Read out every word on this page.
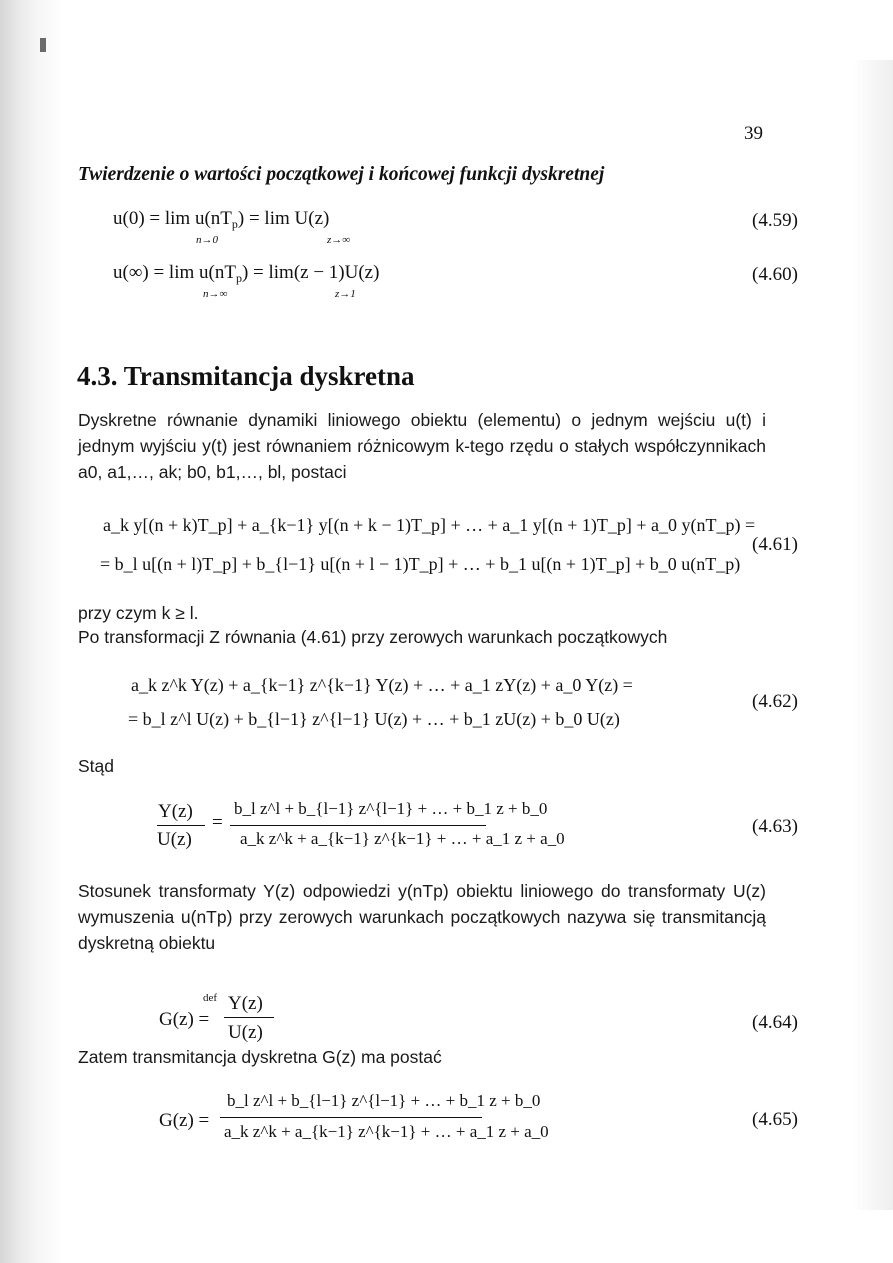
39
Twierdzenie o wartości początkowej i końcowej funkcji dyskretnej
$u(0) = \lim u(nT_p) = \lim U(z)$
n→0	z→∞
(4.59)
$u(\infty) = \lim u(nT_p) = \lim(z - 1)U(z)$
n→∞	z→1
(4.60)
4.3. Transmitancja dyskretna
Dyskretne równanie dynamiki liniowego obiektu (elementu) o jednym wejściu u(t) i jednym wyjściu y(t) jest równaniem różnicowym k-tego rzędu o stałych współczynnikach a0, a1,…, ak; b0, b1,…, bl, postaci
a_k y[(n + k)T_p] + a_{k−1} y[(n + k − 1)T_p] + … + a_1 y[(n + 1)T_p] + a_0 y(nT_p) =
= b_l u[(n + l)T_p] + b_{l−1} u[(n + l − 1)T_p] + … + b_1 u[(n + 1)T_p] + b_0 u(nT_p)
(4.61)
przy czym k ≥ l.
Po transformacji Z równania (4.61) przy zerowych warunkach początkowych
a_k z^k Y(z) + a_{k−1} z^{k−1} Y(z) + … + a_1 zY(z) + a_0 Y(z) =
= b_l z^l U(z) + b_{l−1} z^{l−1} U(z) + … + b_1 zU(z) + b_0 U(z)
(4.62)
Stąd
Y(z)
U(z)
=
b_l z^l + b_{l−1} z^{l−1} + … + b_1 z + b_0
a_k z^k + a_{k−1} z^{k−1} + … + a_1 z + a_0
(4.63)
Stosunek transformaty Y(z) odpowiedzi y(nTp) obiektu liniowego do transformaty U(z) wymuszenia u(nTp) przy zerowych warunkach początkowych nazywa się transmitancją dyskretną obiektu
G(z) =
def Y(z)
U(z)	(4.64)
Zatem transmitancja dyskretna G(z) ma postać
G(z) =
b_l z^l + b_{l−1} z^{l−1} + … + b_1 z + b_0
a_k z^k + a_{k−1} z^{k−1} + … + a_1 z + a_0
(4.65)
